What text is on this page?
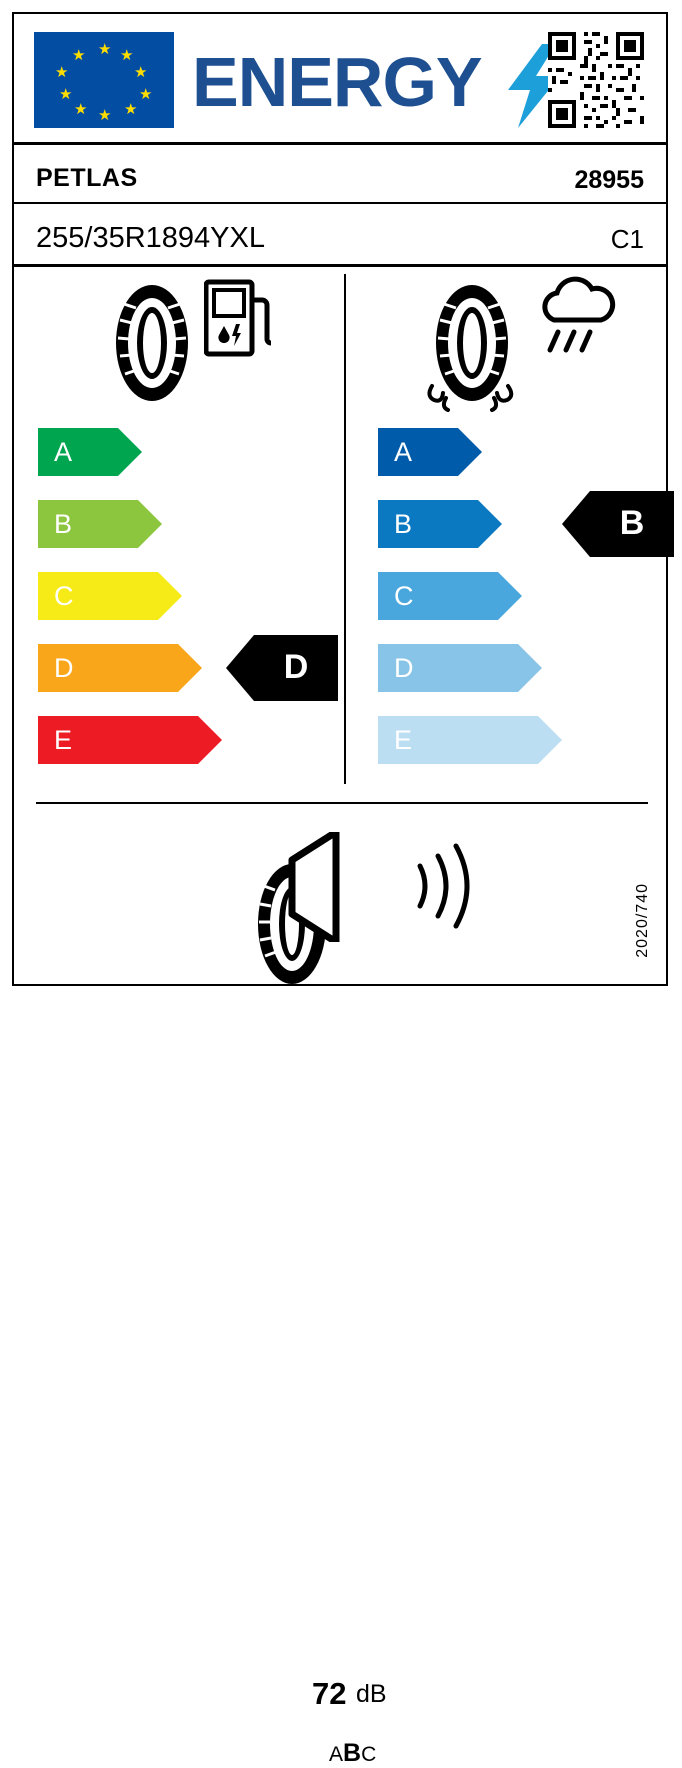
★ ★
★
★
★
★
★
★
★
★ ENERGY
PETLAS	28955
255/35R1894YXL	C1
A
B
C
D
E
D
A
B
C
D
E
B
72 dB
ABC
2020/740
